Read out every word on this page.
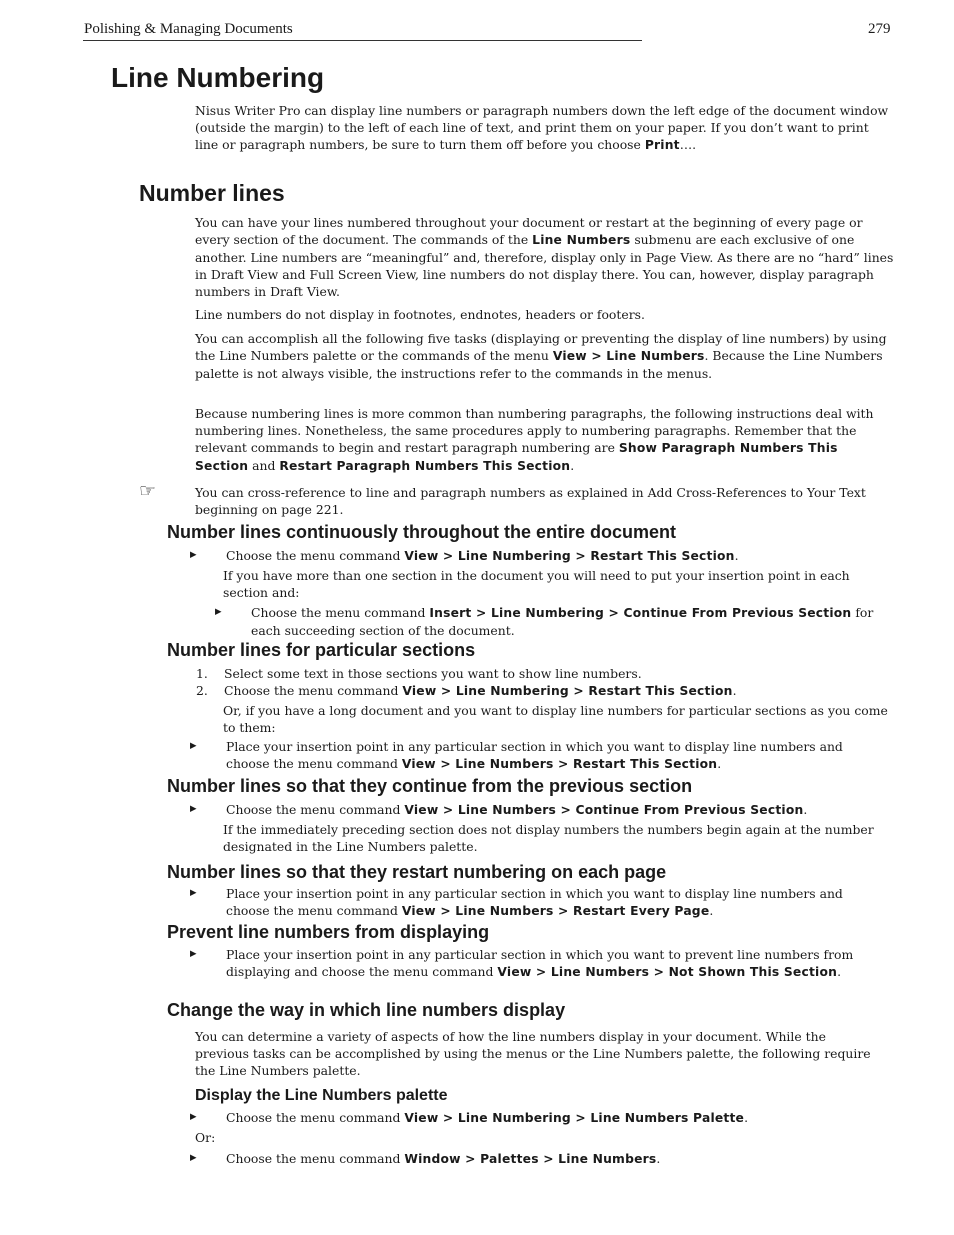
Polishing & Managing Documents	279
Line Numbering

Nisus Writer Pro can display line numbers or paragraph numbers down the left edge of the document window (outside the margin) to the left of each line of text, and print them on your paper. If you don’t want to print line or paragraph numbers, be sure to turn them off before you choose Print….

Number lines

You can have your lines numbered throughout your document or restart at the beginning of every page or every section of the document. The commands of the Line Numbers submenu are each exclusive of one another. Line numbers are “meaningful” and, therefore, display only in Page View. As there are no “hard” lines in Draft View and Full Screen View, line numbers do not display there. You can, however, display paragraph numbers in Draft View.

Line numbers do not display in footnotes, endnotes, headers or footers.

You can accomplish all the following five tasks (displaying or preventing the display of line numbers) by using the Line Numbers palette or the commands of the menu View > Line Numbers. Because the Line Numbers palette is not always visible, the instructions refer to the commands in the menus.

Because numbering lines is more common than numbering paragraphs, the following instructions deal with numbering lines. Nonetheless, the same procedures apply to numbering paragraphs. Remember that the relevant commands to begin and restart paragraph numbering are Show Paragraph Numbers This Section and Restart Paragraph Numbers This Section.

☞	You can cross-reference to line and paragraph numbers as explained in Add Cross-References to Your Text beginning on page 221.

Number lines continuously throughout the entire document
▶ Choose the menu command View > Line Numbering > Restart This Section.

If you have more than one section in the document you will need to put your insertion point in each section and:

▶ Choose the menu command Insert > Line Numbering > Continue From Previous Section for each succeeding section of the document.

Number lines for particular sections
1. Select some text in those sections you want to show line numbers.

2. Choose the menu command View > Line Numbering > Restart This Section.

Or, if you have a long document and you want to display line numbers for particular sections as you come to them:

▶ Place your insertion point in any particular section in which you want to display line numbers and choose the menu command View > Line Numbers > Restart This Section.

Number lines so that they continue from the previous section
▶ Choose the menu command View > Line Numbers > Continue From Previous Section.

If the immediately preceding section does not display numbers the numbers begin again at the number designated in the Line Numbers palette.

Number lines so that they restart numbering on each page
▶ Place your insertion point in any particular section in which you want to display line numbers and choose the menu command View > Line Numbers > Restart Every Page.

Prevent line numbers from displaying
▶ Place your insertion point in any particular section in which you want to prevent line numbers from displaying and choose the menu command View > Line Numbers > Not Shown This Section.

Change the way in which line numbers display

You can determine a variety of aspects of how the line numbers display in your document. While the previous tasks can be accomplished by using the menus or the Line Numbers palette, the following require the Line Numbers palette.

Display the Line Numbers palette
▶ Choose the menu command View > Line Numbering > Line Numbers Palette.

Or:

▶ Choose the menu command Window > Palettes > Line Numbers.
